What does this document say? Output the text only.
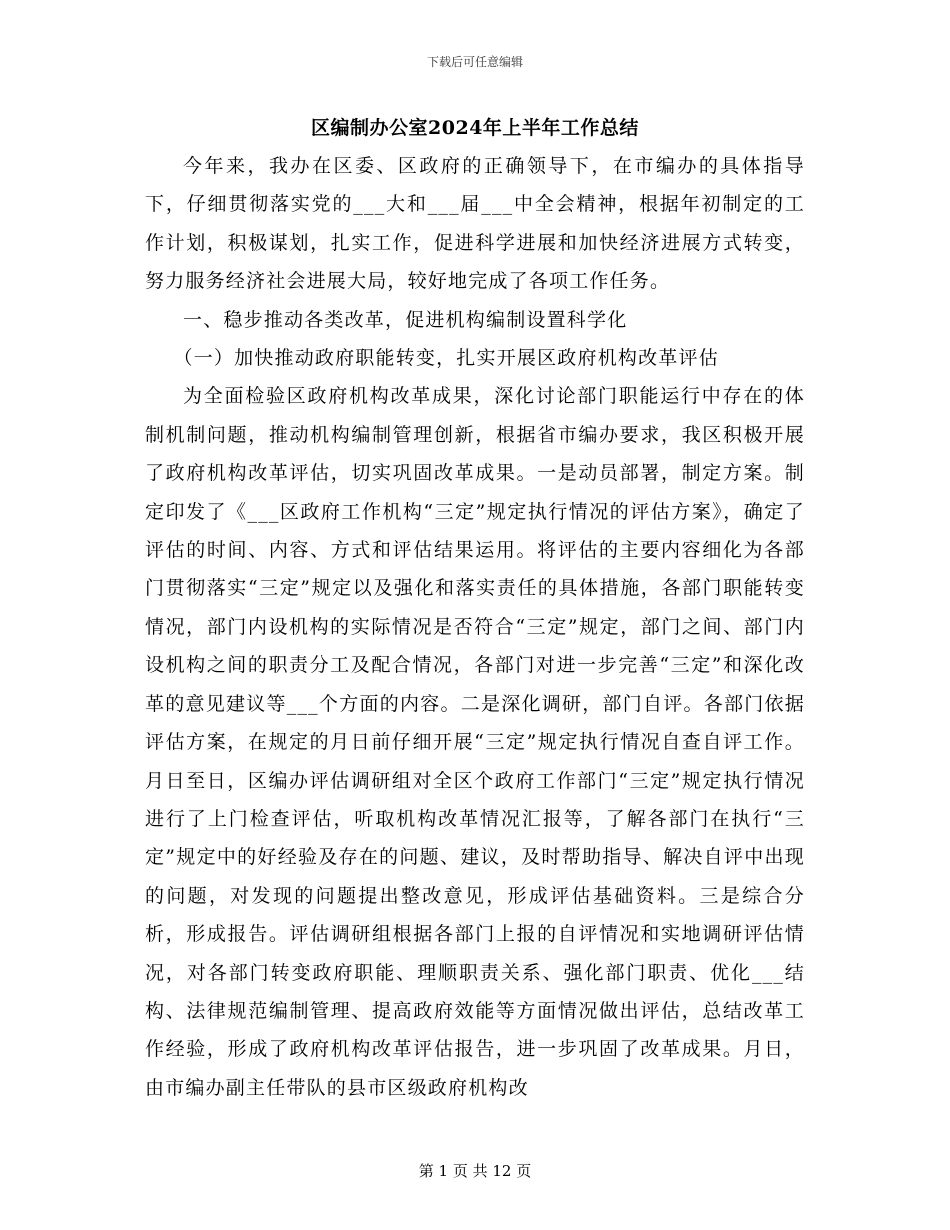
下载后可任意编辑
区编制办公室2024年上半年工作总结

今年来，我办在区委、区政府的正确领导下，在市编办的具体指导下，仔细贯彻落实党的___大和___届___中全会精神，根据年初制定的工作计划，积极谋划，扎实工作，促进科学进展和加快经济进展方式转变，努力服务经济社会进展大局，较好地完成了各项工作任务。

一、稳步推动各类改革，促进机构编制设置科学化

（一）加快推动政府职能转变，扎实开展区政府机构改革评估

为全面检验区政府机构改革成果，深化讨论部门职能运行中存在的体制机制问题，推动机构编制管理创新，根据省市编办要求，我区积极开展了政府机构改革评估，切实巩固改革成果。一是动员部署，制定方案。制定印发了《___区政府工作机构“三定”规定执行情况的评估方案》，确定了评估的时间、内容、方式和评估结果运用。将评估的主要内容细化为各部门贯彻落实“三定”规定以及强化和落实责任的具体措施，各部门职能转变情况，部门内设机构的实际情况是否符合“三定”规定，部门之间、部门内设机构之间的职责分工及配合情况，各部门对进一步完善“三定”和深化改革的意见建议等___个方面的内容。二是深化调研，部门自评。各部门依据评估方案，在规定的月日前仔细开展“三定”规定执行情况自查自评工作。月日至日，区编办评估调研组对全区个政府工作部门“三定”规定执行情况进行了上门检查评估，听取机构改革情况汇报等，了解各部门在执行“三定”规定中的好经验及存在的问题、建议，及时帮助指导、解决自评中出现的问题，对发现的问题提出整改意见，形成评估基础资料。三是综合分析，形成报告。评估调研组根据各部门上报的自评情况和实地调研评估情况，对各部门转变政府职能、理顺职责关系、强化部门职责、优化___结构、法律规范编制管理、提高政府效能等方面情况做出评估，总结改革工作经验，形成了政府机构改革评估报告，进一步巩固了改革成果。月日，由市编办副主任带队的县市区级政府机构改

第 1 页 共 12 页
